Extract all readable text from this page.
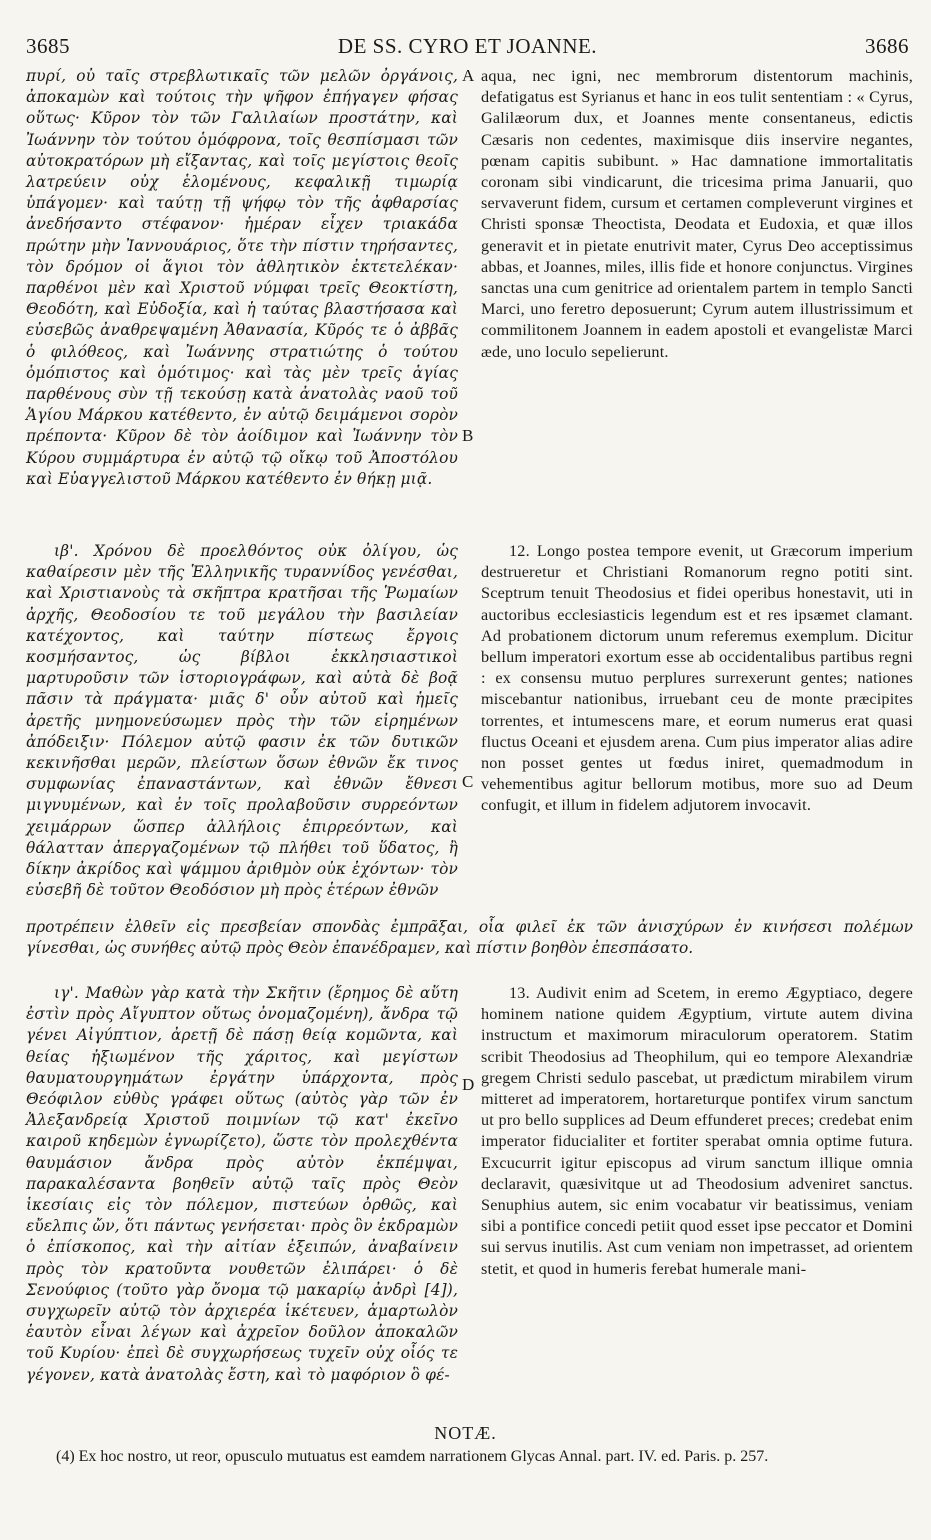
3685	DE SS. CYRO ET JOANNE.	3686

πυρί, οὐ ταῖς στρεβλωτικαῖς τῶν μελῶν ὀργάνοις, ἀποκαμὼν καὶ τούτοις τὴν ψῆφον ἐπήγαγεν φήσας οὕτως· Κῦρον τὸν τῶν Γαλιλαίων προστάτην, καὶ Ἰωάννην τὸν τούτου ὁμόφρονα, τοῖς θεσπίσμασι τῶν αὐτοκρατόρων μὴ εἴξαντας, καὶ τοῖς μεγίστοις θεοῖς λατρεύειν οὐχ ἑλομένους, κεφαλικῇ τιμωρίᾳ ὑπάγομεν· καὶ ταύτῃ τῇ ψήφῳ τὸν τῆς ἀφθαρσίας ἀνεδήσαντο στέφανον· ἡμέραν εἶχεν τριακάδα πρώτην μὴν Ἰαννουάριος, ὅτε τὴν πίστιν τηρήσαντες, τὸν δρόμον οἱ ἅγιοι τὸν ἀθλητικὸν ἐκτετελέκαν· παρθένοι μὲν καὶ Χριστοῦ νύμφαι τρεῖς Θεοκτίστη, Θεοδότη, καὶ Εὐδοξία, καὶ ἡ ταύτας βλαστήσασα καὶ εὐσεβῶς ἀναθρεψαμένη Ἀθανασία, Κῦρός τε ὁ ἀββᾶς ὁ φιλόθεος, καὶ Ἰωάννης στρατιώτης ὁ τούτου ὁμόπιστος καὶ ὁμότιμος· καὶ τὰς μὲν τρεῖς ἁγίας παρθένους σὺν τῇ τεκούσῃ κατὰ ἀνατολὰς ναοῦ τοῦ Ἁγίου Μάρκου κατέθεντο, ἐν αὐτῷ δειμάμενοι σορὸν πρέποντα· Κῦρον δὲ τὸν ἀοίδιμον καὶ Ἰωάννην τὸν Κύρου συμμάρτυρα ἐν αὐτῷ τῷ οἴκῳ τοῦ Ἀποστόλου καὶ Εὐαγγελιστοῦ Μάρκου κατέθεντο ἐν θήκῃ μιᾷ.

ιβ'. Χρόνου δὲ προελθόντος οὐκ ὀλίγου, ὡς καθαίρεσιν μὲν τῆς Ἑλληνικῆς τυραννίδος γενέσθαι, καὶ Χριστιανοὺς τὰ σκῆπτρα κρατῆσαι τῆς Ῥωμαίων ἀρχῆς, Θεοδοσίου τε τοῦ μεγάλου τὴν βασιλείαν κατέχοντος, καὶ ταύτην πίστεως ἔργοις κοσμήσαντος, ὡς βίβλοι ἐκκλησιαστικοὶ μαρτυροῦσιν τῶν ἱστοριογράφων, καὶ αὐτὰ δὲ βοᾷ πᾶσιν τὰ πράγματα· μιᾶς δ' οὖν αὐτοῦ καὶ ἡμεῖς ἀρετῆς μνημονεύσωμεν πρὸς τὴν τῶν εἰρημένων ἀπόδειξιν· Πόλεμον αὐτῷ φασιν ἐκ τῶν δυτικῶν κεκινῆσθαι μερῶν, πλείστων ὅσων ἐθνῶν ἔκ τινος συμφωνίας ἐπαναστάντων, καὶ ἐθνῶν ἔθνεσι μιγνυμένων, καὶ ἐν τοῖς προλαβοῦσιν συρρεόντων χειμάρρων ὥσπερ ἀλλήλοις ἐπιρρεόντων, καὶ θάλατταν ἀπεργαζομένων τῷ πλήθει τοῦ ὕδατος, ἢ δίκην ἀκρίδος καὶ ψάμμου ἀριθμὸν οὐκ ἐχόντων· τὸν εὐσεβῆ δὲ τοῦτον Θεοδόσιον μὴ πρὸς ἑτέρων ἐθνῶν

ιγ'. Μαθὼν γὰρ κατὰ τὴν Σκῆτιν (ἔρημος δὲ αὕτη ἐστὶν πρὸς Αἴγυπτον οὕτως ὀνομαζομένη), ἄνδρα τῷ γένει Αἰγύπτιον, ἀρετῇ δὲ πάσῃ θείᾳ κομῶντα, καὶ θείας ἠξιωμένον τῆς χάριτος, καὶ μεγίστων θαυματουργημάτων ἐργάτην ὑπάρχοντα, πρὸς Θεόφιλον εὐθὺς γράφει οὕτως (αὐτὸς γὰρ τῶν ἐν Ἀλεξανδρείᾳ Χριστοῦ ποιμνίων τῷ κατ' ἐκεῖνο καιροῦ κηδεμὼν ἐγνωρίζετο), ὥστε τὸν προλεχθέντα θαυμάσιον ἄνδρα πρὸς αὐτὸν ἐκπέμψαι, παρακαλέσαντα βοηθεῖν αὐτῷ ταῖς πρὸς Θεὸν ἱκεσίαις εἰς τὸν πόλεμον, πιστεύων ὀρθῶς, καὶ εὔελπις ὤν, ὅτι πάντως γενήσεται· πρὸς ὃν ἐκδραμὼν ὁ ἐπίσκοπος, καὶ τὴν αἰτίαν ἐξειπών, ἀναβαίνειν πρὸς τὸν κρατοῦντα νουθετῶν ἐλιπάρει· ὁ δὲ Σενούφιος (τοῦτο γὰρ ὄνομα τῷ μακαρίῳ ἀνδρὶ [4]), συγχωρεῖν αὐτῷ τὸν ἀρχιερέα ἱκέτευεν, ἁμαρτωλὸν ἑαυτὸν εἶναι λέγων καὶ ἀχρεῖον δοῦλον ἀποκαλῶν τοῦ Κυρίου· ἐπεὶ δὲ συγχωρήσεως τυχεῖν οὐχ οἷός τε γέγονεν, κατὰ ἀνατολὰς ἔστη, καὶ τὸ μαφόριον ὃ φέ-

A
B
C
D

aqua, nec igni, nec membrorum distentorum machinis, defatigatus est Syrianus et hanc in eos tulit sententiam : « Cyrus, Galilæorum dux, et Joannes mente consentaneus, edictis Cæsaris non cedentes, maximisque diis inservire negantes, pœnam capitis subibunt. » Hac damnatione immortalitatis coronam sibi vindicarunt, die tricesima prima Januarii, quo servaverunt fidem, cursum et certamen compleverunt virgines et Christi sponsæ Theoctista, Deodata et Eudoxia, et quæ illos generavit et in pietate enutrivit mater, Cyrus Deo acceptissimus abbas, et Joannes, miles, illis fide et honore conjunctus. Virgines sanctas una cum genitrice ad orientalem partem in templo Sancti Marci, uno feretro deposuerunt; Cyrum autem illustrissimum et commilitonem Joannem in eadem apostoli et evangelistæ Marci æde, uno loculo sepelierunt.

12. Longo postea tempore evenit, ut Græcorum imperium destrueretur et Christiani Romanorum regno potiti sint. Sceptrum tenuit Theodosius et fidei operibus honestavit, uti in auctoribus ecclesiasticis legendum est et res ipsæmet clamant. Ad probationem dictorum unum referemus exemplum. Dicitur bellum imperatori exortum esse ab occidentalibus partibus regni : ex consensu mutuo perplures surrexerunt gentes; nationes miscebantur nationibus, irruebant ceu de monte præcipites torrentes, et intumescens mare, et eorum numerus erat quasi fluctus Oceani et ejusdem arena. Cum pius imperator alias adire non posset gentes ut fœdus iniret, quemadmodum in vehementibus agitur bellorum motibus, more suo ad Deum confugit, et illum in fidelem adjutorem invocavit.

13. Audivit enim ad Scetem, in eremo Ægyptiaco, degere hominem natione quidem Ægyptium, virtute autem divina instructum et maximorum miraculorum operatorem. Statim scribit Theodosius ad Theophilum, qui eo tempore Alexandriæ gregem Christi sedulo pascebat, ut prædictum mirabilem virum mitteret ad imperatorem, hortareturque pontifex virum sanctum ut pro bello supplices ad Deum effunderet preces; credebat enim imperator fiducialiter et fortiter sperabat omnia optime futura. Excucurrit igitur episcopus ad virum sanctum illique omnia declaravit, quæsivitque ut ad Theodosium adveniret sanctus. Senuphius autem, sic enim vocabatur vir beatissimus, veniam sibi a pontifice concedi petiit quod esset ipse peccator et Domini sui servus inutilis. Ast cum veniam non impetrasset, ad orientem stetit, et quod in humeris ferebat humerale mani-

προτρέπειν ἐλθεῖν εἰς πρεσβείαν σπονδὰς ἐμπρᾶξαι, οἷα φιλεῖ ἐκ τῶν ἀνισχύρων ἐν κινήσεσι πολέμων γίνεσθαι, ὡς συνήθες αὐτῷ πρὸς Θεὸν ἐπανέδραμεν, καὶ πίστιν βοηθὸν ἐπεσπάσατο.
NOTÆ.
(4) Ex hoc nostro, ut reor, opusculo mutuatus est eamdem narrationem Glycas Annal. part. IV. ed. Paris. p. 257.
